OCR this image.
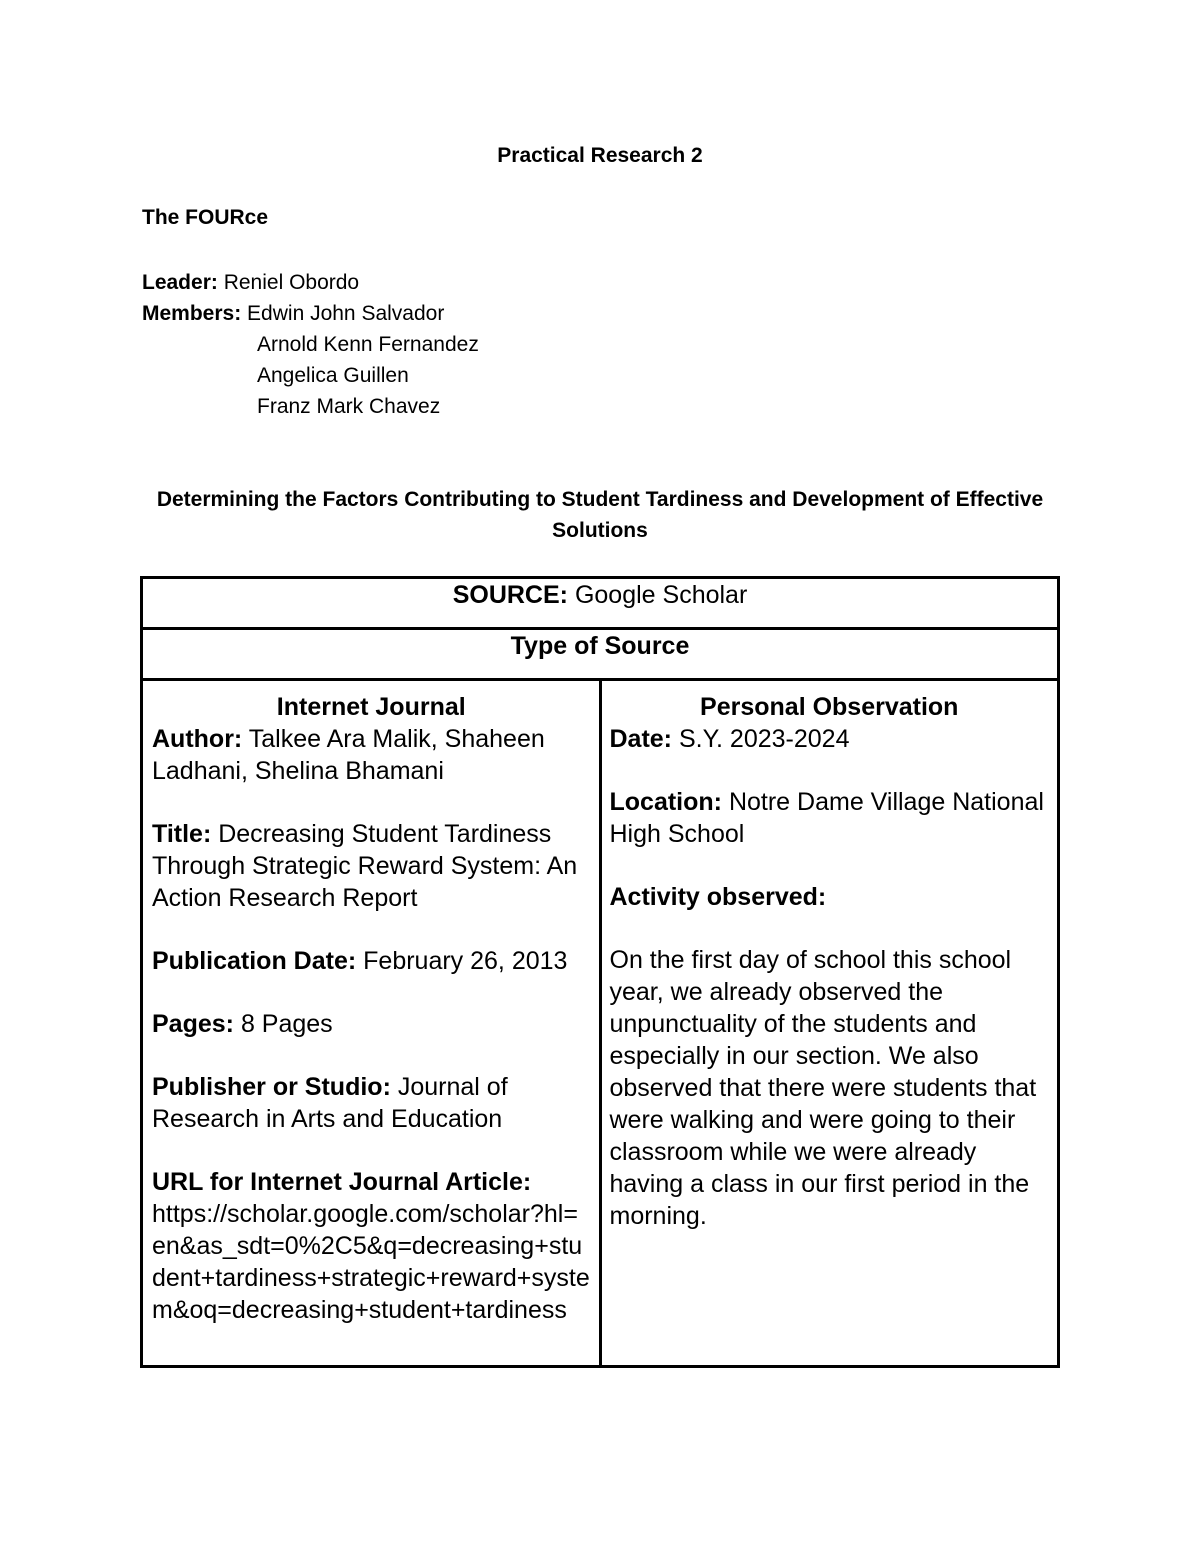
Practical Research 2
The FOURce
Leader: Reniel Obordo
Members: Edwin John Salvador
Arnold Kenn Fernandez
Angelica Guillen
Franz Mark Chavez
Determining the Factors Contributing to Student Tardiness and Development of Effective Solutions
SOURCE: Google Scholar
Type of Source

Internet Journal

Author: Talkee Ara Malik, Shaheen Ladhani, Shelina Bhamani

Title: Decreasing Student Tardiness Through Strategic Reward System: An Action Research Report

Publication Date: February 26, 2013

Pages: 8 Pages

Publisher or Studio: Journal of Research in Arts and Education

URL for Internet Journal Article:
https://scholar.google.com/scholar?hl=en&as_sdt=0%2C5&q=decreasing+student+tardiness+strategic+reward+system&oq=decreasing+student+tardiness

Personal Observation

Date: S.Y. 2023-2024

Location: Notre Dame Village National High School

Activity observed:

On the first day of school this school year, we already observed the unpunctuality of the students and especially in our section. We also observed that there were students that were walking and were going to their classroom while we were already having a class in our first period in the morning.
